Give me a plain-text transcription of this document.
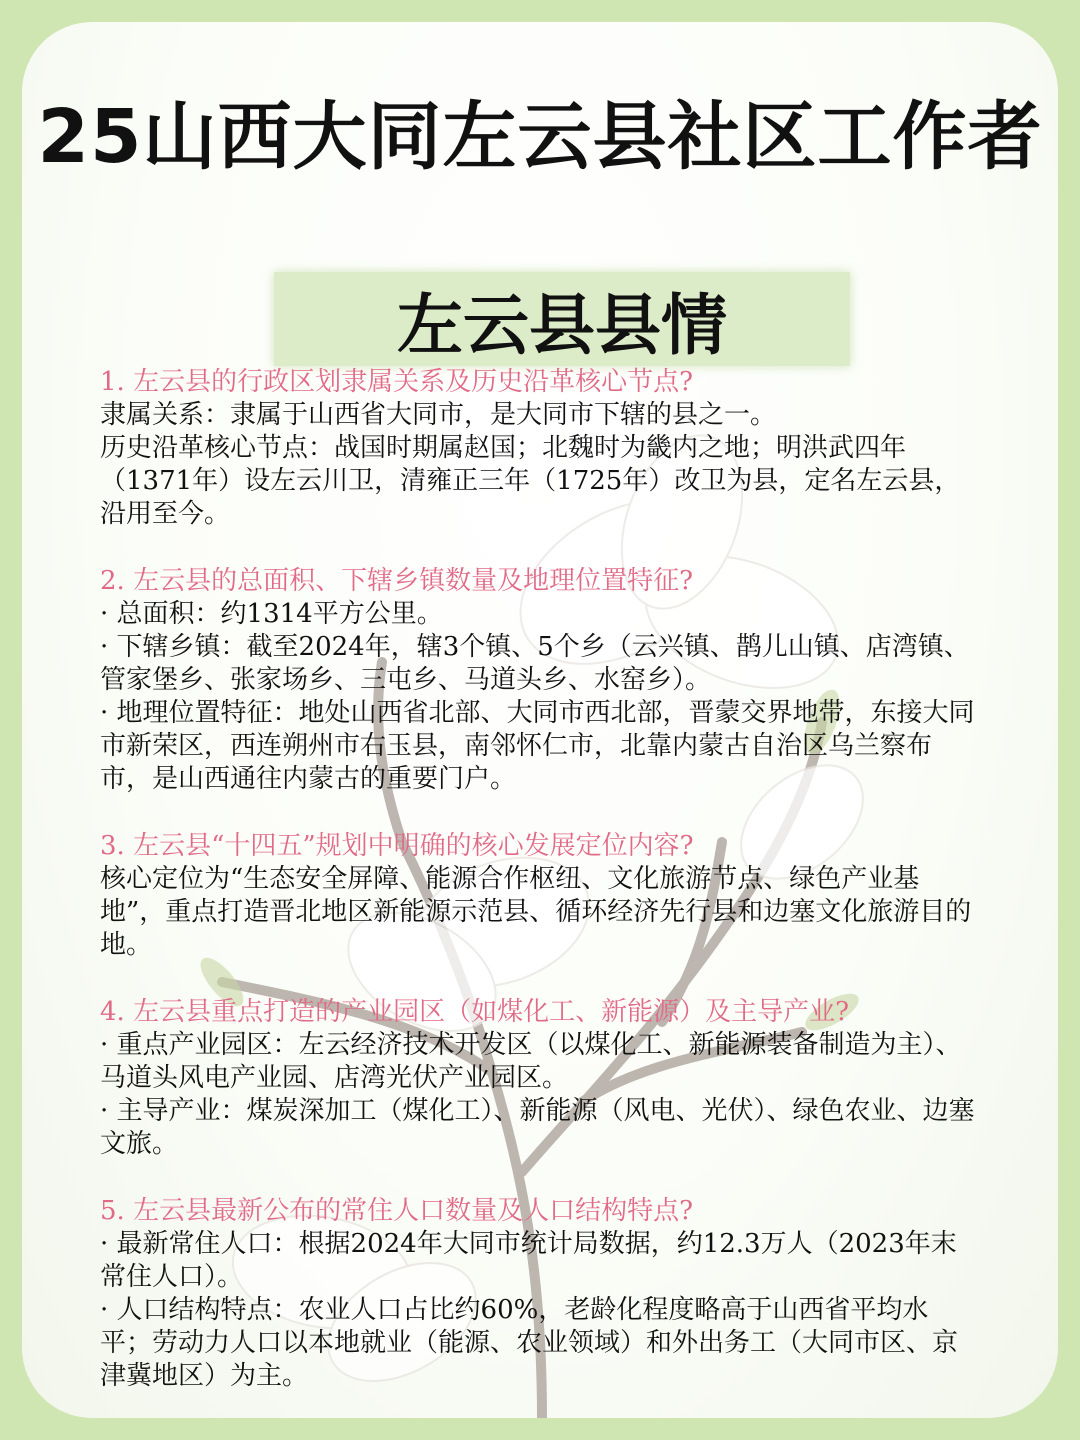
左云县县情
25山西大同左云县社区工作者

1. 左云县的行政区划隶属关系及历史沿革核心节点?

隶属关系：隶属于山西省大同市，是大同市下辖的县之一。

历史沿革核心节点：战国时期属赵国；北魏时为畿内之地；明洪武四年（1371年）设左云川卫，清雍正三年（1725年）改卫为县，定名左云县，沿用至今。

2. 左云县的总面积、下辖乡镇数量及地理位置特征?

· 总面积：约1314平方公里。

· 下辖乡镇：截至2024年，辖3个镇、5个乡（云兴镇、鹊儿山镇、店湾镇、管家堡乡、张家场乡、三屯乡、马道头乡、水窑乡）。

· 地理位置特征：地处山西省北部、大同市西北部，晋蒙交界地带，东接大同市新荣区，西连朔州市右玉县，南邻怀仁市，北靠内蒙古自治区乌兰察布市，是山西通往内蒙古的重要门户。

3. 左云县“十四五”规划中明确的核心发展定位内容?

核心定位为“生态安全屏障、能源合作枢纽、文化旅游节点、绿色产业基地”，重点打造晋北地区新能源示范县、循环经济先行县和边塞文化旅游目的地。

4. 左云县重点打造的产业园区（如煤化工、新能源）及主导产业?

· 重点产业园区：左云经济技术开发区（以煤化工、新能源装备制造为主）、马道头风电产业园、店湾光伏产业园区。

· 主导产业：煤炭深加工（煤化工）、新能源（风电、光伏）、绿色农业、边塞文旅。

5. 左云县最新公布的常住人口数量及人口结构特点?

· 最新常住人口：根据2024年大同市统计局数据，约12.3万人（2023年末常住人口）。

· 人口结构特点：农业人口占比约60%，老龄化程度略高于山西省平均水平；劳动力人口以本地就业（能源、农业领域）和外出务工（大同市区、京津冀地区）为主。
